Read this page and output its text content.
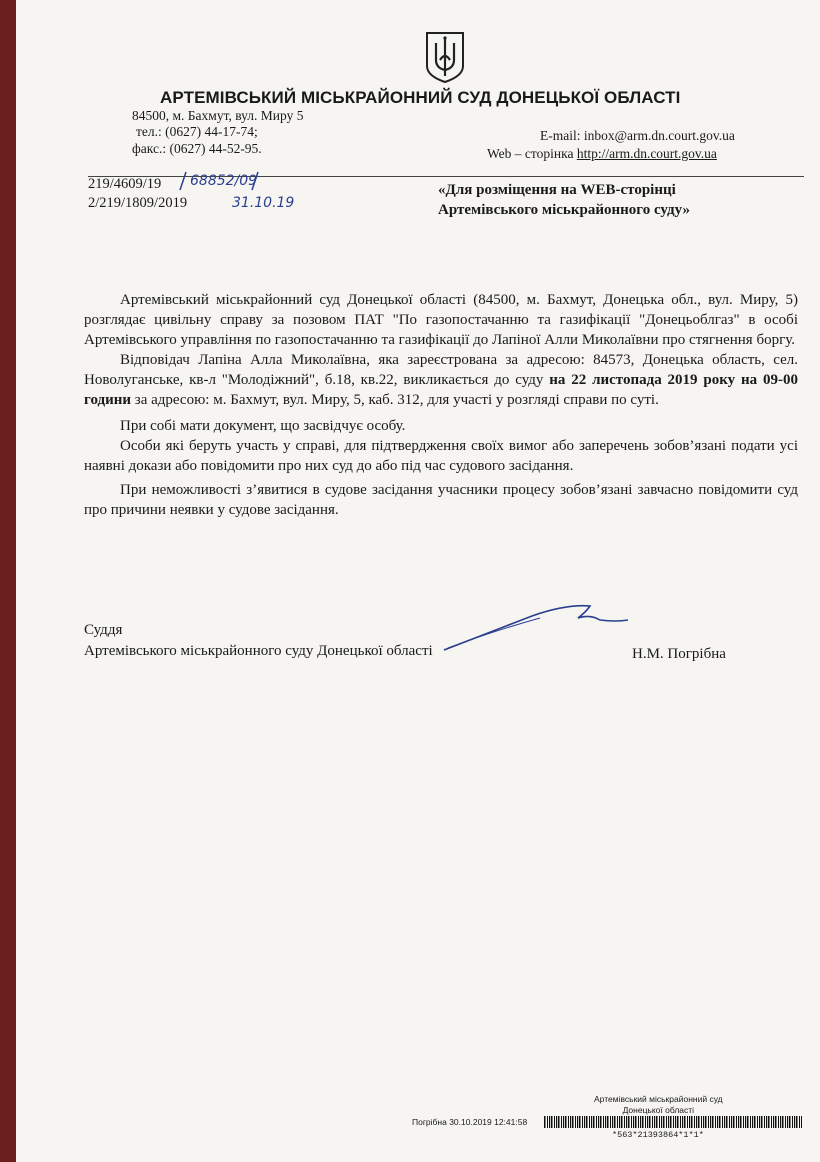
АРТЕМІВСЬКИЙ МІСЬКРАЙОННИЙ СУД ДОНЕЦЬКОЇ ОБЛАСТІ
84500, м. Бахмут, вул. Миру 5
тел.: (0627) 44-17-74;
факс.: (0627) 44-52-95.
E-mail: inbox@arm.dn.court.gov.ua
Web – сторінка http://arm.dn.court.gov.ua
219/4609/19
2/219/1809/2019
68852/09
31.10.19
«Для розміщення на WEB-сторінці
Артемівського міськрайонного суду»

Артемівський міськрайонний суд Донецької області (84500, м. Бахмут, Донецька обл., вул. Миру, 5) розглядає цивільну справу за позовом ПАТ "По газопостачанню та газифікації "Донецьоблгаз" в особі Артемівського управління по газопостачанню та газифікації до Лапіної Алли Миколаївни про стягнення боргу.

Відповідач Лапіна Алла Миколаївна, яка зареєстрована за адресою: 84573, Донецька область, сел. Новолуганське, кв-л "Молодіжний", б.18, кв.22, викликається до суду на 22 листопада 2019 року на 09-00 години за адресою: м. Бахмут, вул. Миру, 5, каб. 312, для участі у розгляді справи по суті.

При собі мати документ, що засвідчує особу.

Особи які беруть участь у справі, для підтвердження своїх вимог або заперечень зобов’язані подати усі наявні докази або повідомити про них суд до або під час судового засідання.

При неможливості з’явитися в судове засідання учасники процесу зобов’язані завчасно повідомити суд про причини неявки у судове засідання.

Суддя
Артемівського міськрайонного суду Донецької області	Н.М. Погрібна
Артемівський міськрайонний суд
Донецької області
Погрібна 30.10.2019 12:41:58
*563*21393864*1*1*
